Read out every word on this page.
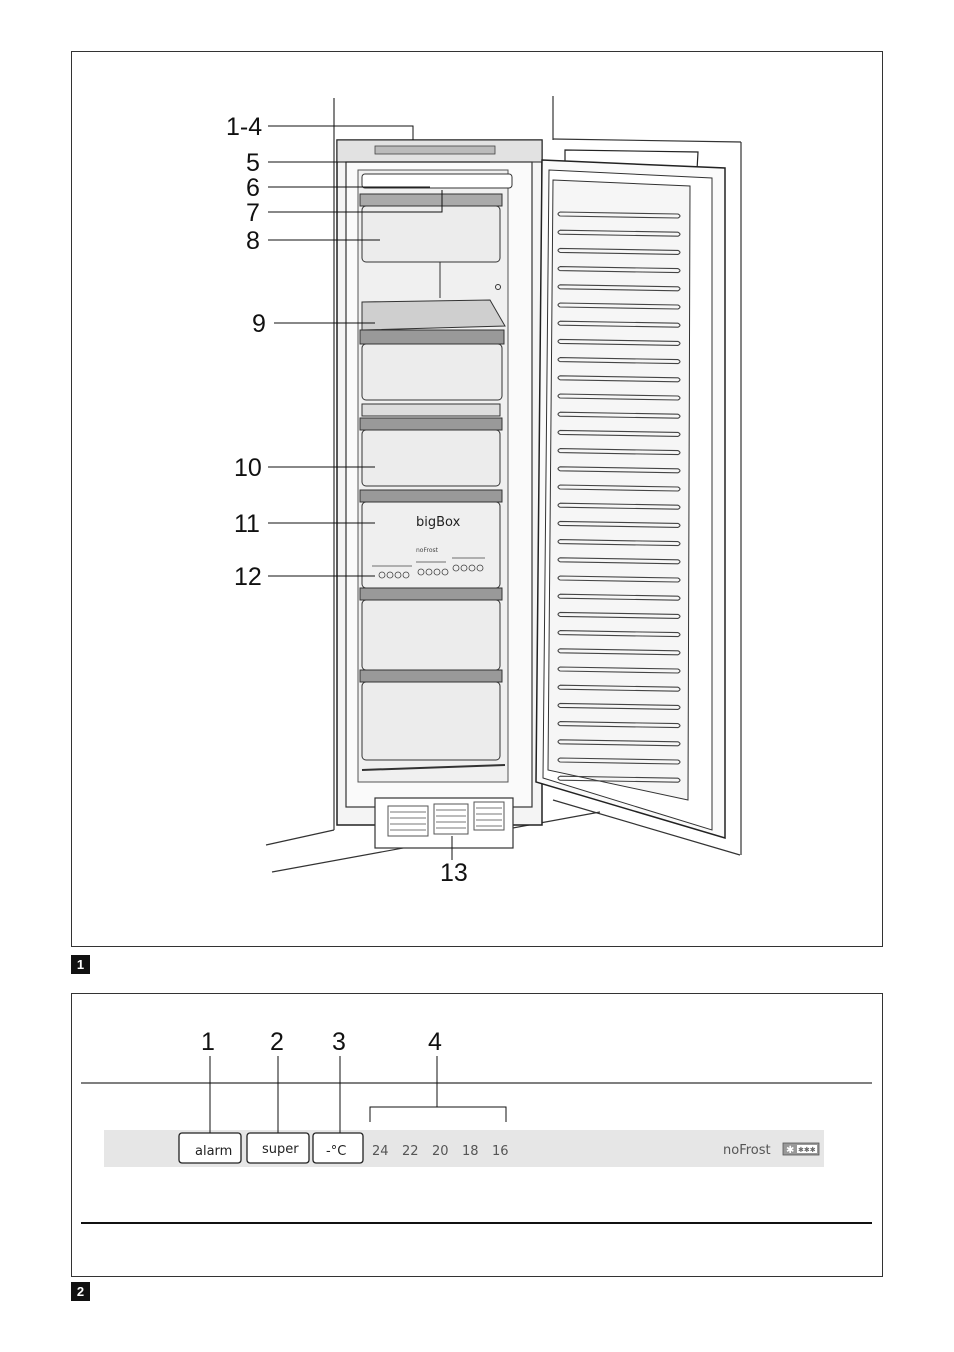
1
bigBox
noFrost
1-4
5
6
7
8
9
10
11
12
13
1 2 3	4
alarm super -°C 24 22 20 18 16	noFrost ✱ ✱✱✱
2
